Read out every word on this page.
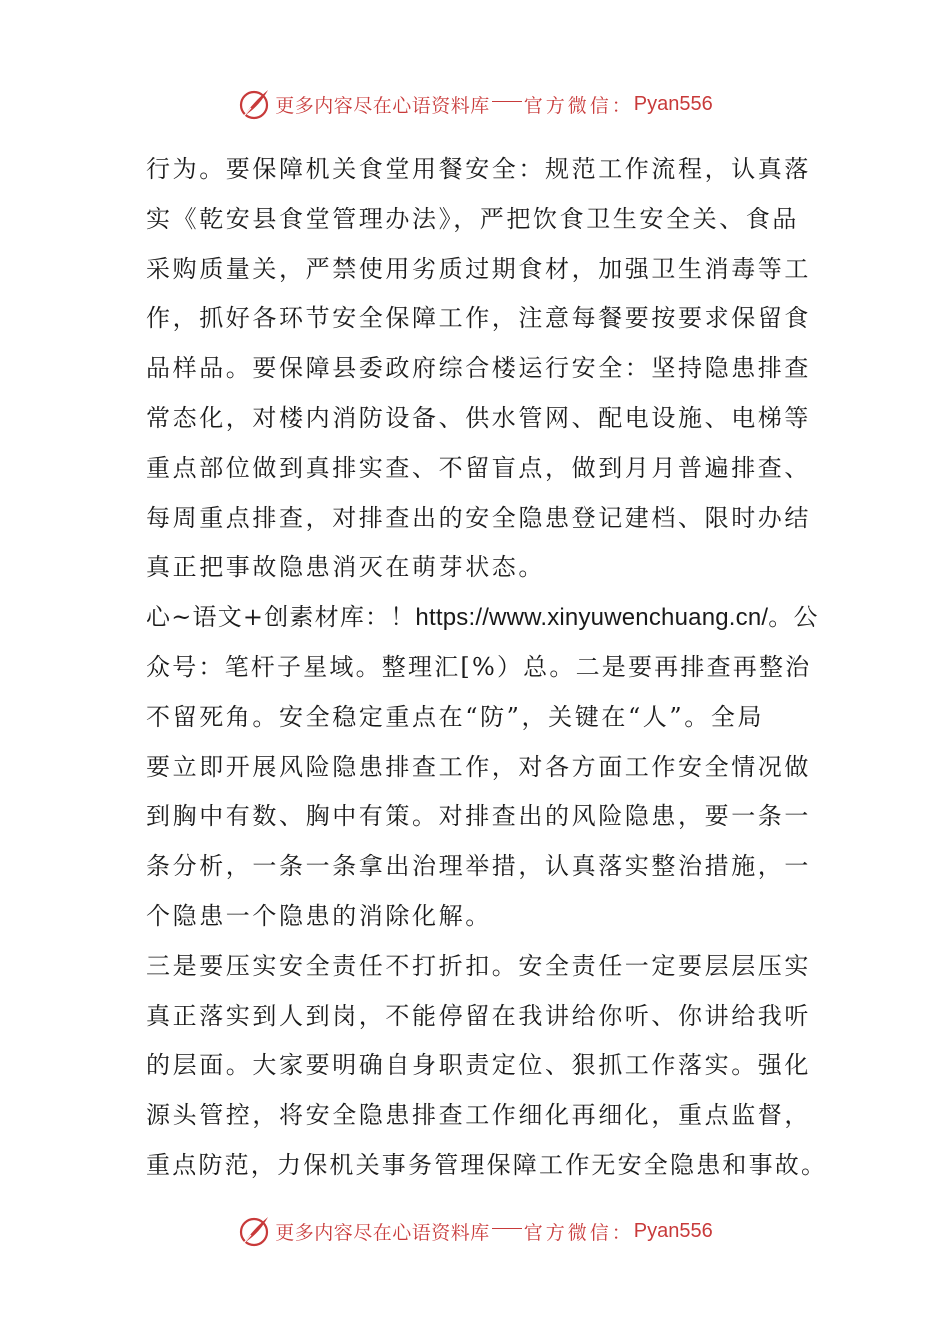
更多内容尽在心语资料库 官方微信： Pyan556
行为。要保障机关食堂用餐安全：规范工作流程，认真落
实《乾安县食堂管理办法》，严把饮食卫生安全关、食品
采购质量关，严禁使用劣质过期食材，加强卫生消毒等工
作，抓好各环节安全保障工作，注意每餐要按要求保留食
品样品。要保障县委政府综合楼运行安全：坚持隐患排查
常态化，对楼内消防设备、供水管网、配电设施、电梯等
重点部位做到真排实查、不留盲点，做到月月普遍排查、
每周重点排查，对排查出的安全隐患登记建档、限时办结
真正把事故隐患消灭在萌芽状态。
心~语文+创素材库：！https://www.xinyuwenchuang.cn/。公
众号：笔杆子星域。整理汇[%）总。二是要再排查再整治
不留死角。安全稳定重点在“防”，关键在“人”。全局
要立即开展风险隐患排查工作，对各方面工作安全情况做
到胸中有数、胸中有策。对排查出的风险隐患，要一条一
条分析，一条一条拿出治理举措，认真落实整治措施，一
个隐患一个隐患的消除化解。
三是要压实安全责任不打折扣。安全责任一定要层层压实
真正落实到人到岗，不能停留在我讲给你听、你讲给我听
的层面。大家要明确自身职责定位、狠抓工作落实。强化
源头管控，将安全隐患排查工作细化再细化，重点监督，
重点防范，力保机关事务管理保障工作无安全隐患和事故。
更多内容尽在心语资料库 官方微信： Pyan556
